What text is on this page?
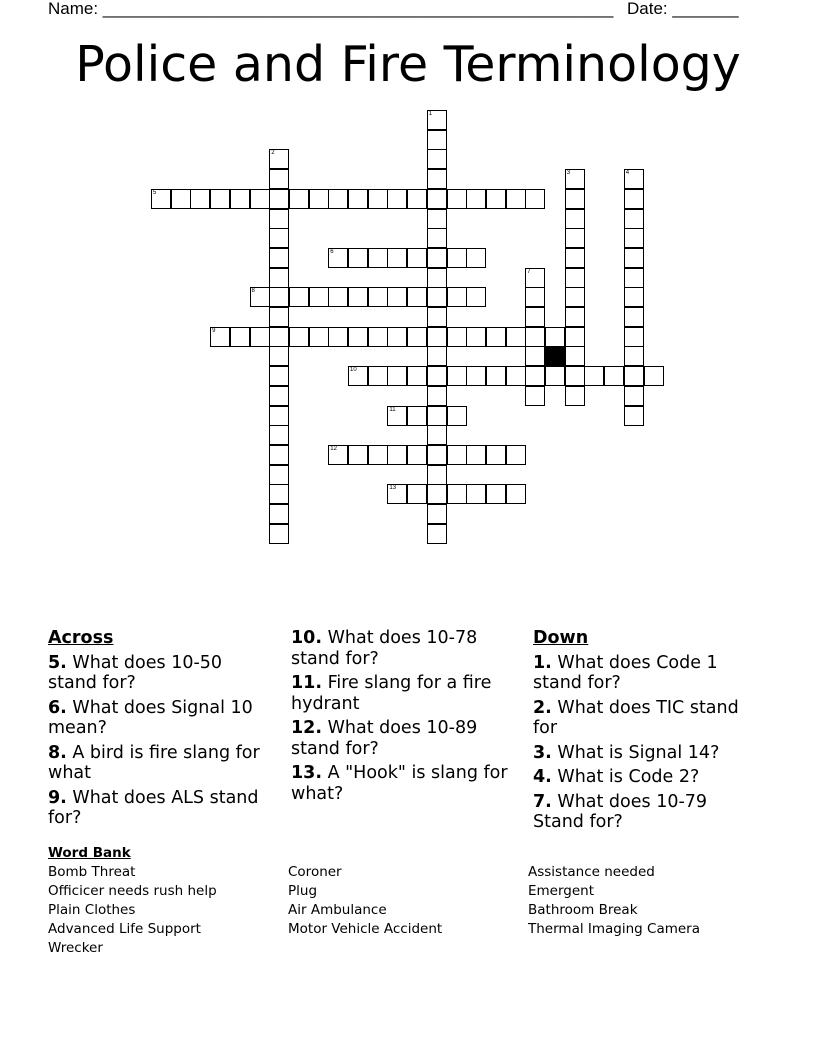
Name: ______________________________________________________ Date: _______
Police and Fire Terminology
5
6
8
9
10
11
12
13
1
2
3	4
7
Across
5. What does 10-50 stand for?
6. What does Signal 10 mean?
8. A bird is fire slang for what
9. What does ALS stand for?
10. What does 10-78 stand for?
11. Fire slang for a fire hydrant
12. What does 10-89 stand for?
13. A "Hook" is slang for what?
Down
1. What does Code 1 stand for?
2. What does TIC stand for
3. What is Signal 14?
4. What is Code 2?
7. What does 10-79 Stand for?
Word Bank
Bomb Threat
Officicer needs rush help
Plain Clothes
Advanced Life Support
Wrecker
Coroner
Plug
Air Ambulance
Motor Vehicle Accident
Assistance needed
Emergent
Bathroom Break
Thermal Imaging Camera
